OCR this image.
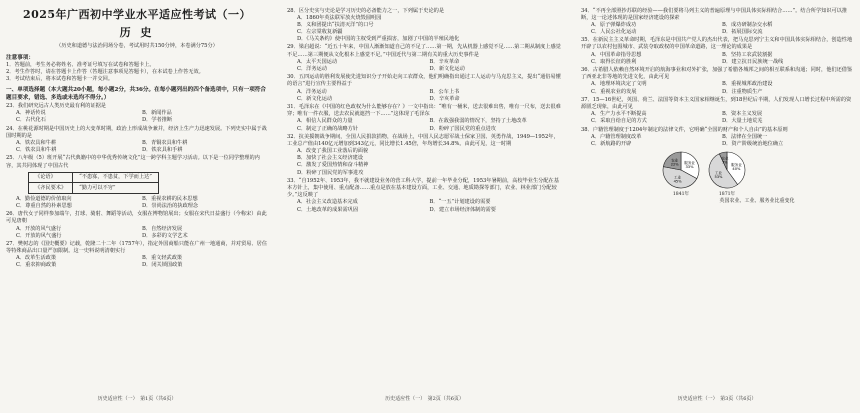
2025年广西初中学业水平适应性考试（一）
历 史
（历史和道德与法治同场分卷，考试用时共150分钟，本卷满分75分）
注意事项：

1．答题前，考生务必将姓名、准考证号填写在试卷和答题卡上。

2．考生作答时，请在答题卡上作答（答题注意事项见答题卡），在本试卷上作答无效。

3．考试结束后，将本试卷和答题卡一并交回。

一、单项选择题（本大题共20小题，每小题2分，共36分。在每小题列出的四个备选项中，只有一项符合题目要求，错选、多选或未选均不得分。）

23．我们研究远古人类历史最有利的证据是

A．神话传说	B．新闻作品
C．古代化石	D．学者推断

24．在桃花源时期是中国历史上的大变革时期，政治上形成战争兼并，经济上生产力迅速发展。下列史实中属于战国时期的是

A．铁农具和牛耕	B．青铜农具和牛耕
C．铁农具和牛耕	D．铁农具和手耕

25．八年级（5）班开展“古代典籍中的中华优秀传统文化”这一跨学科主题学习活动。以下是一位同学整理的内容，其共同体现了中国古代

《论语》	“不患寡，不患贫，下学而上达”
《齐民要术》	“勤力可以不穷”
A．勤俭道德的价值取向	B．重视农耕的民本思想
C．尊重自然的朴素思想	D．崇尚法治的执政理念

26．唐代女子同样参加端午，打球、骑射、舞蹈等活动，女服在博物馆展出；女服在宋代日益盛行（今称宋）由此可见唐朝

A．开放的风气盛行	B．自然经济发展
C．开放的风气盛行	D．多彩的文学艺术

27．樊树志的《国史概要》记载，乾隆二十二年（1757年），指定外国商船只能在广州一地通商，并对贸易、居住等特殊商品出口量严加限制。这一史料说明清朝实行

A．改革生活政策	B．重文轻武政策
C．重农抑商政策	D．闭关锁国政策
历史适应性（一）　第1页（共6页）

28．区分史实与史论是学习历史的必备能力之一，下列属于史论的是

A．1860年英法联军放火烧毁圆明园
B．义和团提出“扶清灭洋”的口号
C．左宗棠收复新疆
D．《马关条约》使中国的主权受到严重损害，加剧了中国的半殖民地化

29．梁启超说：“近五十年来，中国人渐渐知道自己的不足了……第一期，先从机器上感觉不足……第二期从制度上感觉不足……第三期便从文化根本上感觉不足。”中国近代与第二期有关的重大历史事件是

A．太平天国运动	B．辛亥革命
C．洋务运动	D．新文化运动

30．五四运动的胜利发展使先进知识分子开始走向工农群众，他们明确指出通过工人运动与马克思主义，提出“通俗易懂的语言”进行宣传主要得益于

A．洋务运动	B．公车上书
C．新文化运动	D．辛亥革命

31．毛泽东在《中国的红色政权为什么能够存在？》一文中指出：“唯有一桶米，送去很难出售，唯有一尺布，送去很难穿；唯有一件衣服，送去农民就遮挡一下……”这体现了毛泽东

A．相信人民群众的力量	B．在敌强我弱的情况下，坚持了土地改革
C．制定了正确的战略方针	D．粉碎了国民党的重点进攻

32．抗美援朝战争期间，全国人民捐款捐物，在战场上，中国人民志愿军战士保家卫国、英勇作战，1949—1952年，工业总产值由140亿元增加到343亿元，同比增长1.45倍，年均增长34.8%。由此可见，这一时期

A．改变了我国工业落后的面貌
B．加快了社会主义经济建设
C．激发了爱国热情和奋斗精神
D．粉碎了国民党的军事进攻

33．“自1952年、1953年，我不就建设业务的营工科大学，提前一年毕业分配，1953年暑期前，高校毕业生分配在基本方针上，集中使用、重点配备……重点是放在基本建设方面，工业、交通、地质勘探等部门，农业、林业部门分配较少。”这反映了

A．社会主义改造基本完成	B．“一五”计划建设的需要
C．土地改革的成果需巩固	D．建立市场经济体制的需要
历史适应性（一）　第2页（共6页）

34．“不再全部照抄苏联的经验——我们要将马列主义的普遍原理与中国具体实际相结合……”。结合所学知识可以推断，这一论述体现的是国家经济建设的探索

A．原子弹爆炸成功	B．成功研制杂交水稻
C．人民公社化运动	D．拓展国际交流

35．在新民主主义革命时期，毛泽东是中国共产党人的杰出代表，把马克思列宁主义和中国具体实际相结合，创造性地开辟了以农村包围城市、武装夺取政权的中国革命道路，这一理论的成果是

A．中国革命指导思想	B．坚持工农武装割据
C．取得长征的胜利	D．建立抗日民族统一战线

36．古希腊人依赖自然环境开启的航海事业和对外扩张，加强了希腊各城邦之间的相互联系和沟通；同时，他们还借鉴了西亚北非等地的先进文化，由此可见

A．地理环境决定了文明	B．重视城邦政治建设
C．重视农业的发展	D．注重物质生产

37．15—16世纪，英国、荷兰、法国等资本主义国家相继诞生，到18世纪后半期，人们发现人口增长过程中所需的资源匮乏现象，由此可见

A．生产力水平不断提高	B．资本主义发展
C．采取自给自足的方式	D．大量土地荒芜

38．户籍管理制度于1204年制定的法律文件，它明确“全国的财产和个人自由”的基本原则

A．户籍管理制度改革	B．法律在全国统一
C．新航路的开辟	D．资产阶级统治地位确立
服务业
33%
工业
45%
农业
22%
1841年
服务业
40%
工业
53%
农业
7%
1871年
英国农业、工业、服务业比重变化
历史适应性（一）　第3页（共6页）
